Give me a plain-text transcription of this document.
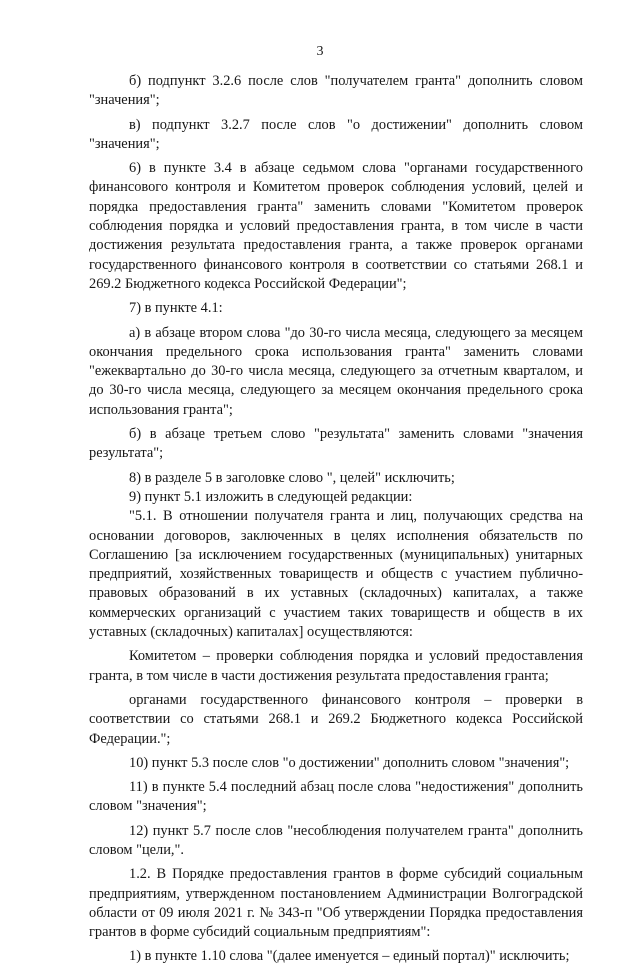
3

б) подпункт 3.2.6 после слов "получателем гранта" дополнить словом "значения";

в) подпункт 3.2.7 после слов "о достижении" дополнить словом "значения";

6) в пункте 3.4 в абзаце седьмом слова "органами государственного финансового контроля и Комитетом проверок соблюдения условий, целей и порядка предоставления гранта" заменить словами "Комитетом проверок соблюдения порядка и условий предоставления гранта, в том числе в части достижения результата предоставления гранта, а также проверок органами государственного финансового контроля в соответствии со статьями 268.1 и 269.2 Бюджетного кодекса Российской Федерации";

7) в пункте 4.1:

а) в абзаце втором слова "до 30-го числа месяца, следующего за месяцем окончания предельного срока использования гранта" заменить словами "ежеквартально до 30-го числа месяца, следующего за отчетным кварталом, и до 30-го числа месяца, следующего за месяцем окончания предельного срока использования гранта";

б) в абзаце третьем слово "результата" заменить словами "значения результата";

8) в разделе 5 в заголовке слово ", целей" исключить;

9) пункт 5.1 изложить в следующей редакции:

"5.1. В отношении получателя гранта и лиц, получающих средства на основании договоров, заключенных в целях исполнения обязательств по Соглашению [за исключением государственных (муниципальных) унитарных предприятий, хозяйственных товариществ и обществ с участием публично-правовых образований в их уставных (складочных) капиталах, а также коммерческих организаций с участием таких товариществ и обществ в их уставных (складочных) капиталах] осуществляются:

Комитетом – проверки соблюдения порядка и условий предоставления гранта, в том числе в части достижения результата предоставления гранта;

органами государственного финансового контроля – проверки в соответствии со статьями 268.1 и 269.2 Бюджетного кодекса Российской Федерации.";

10) пункт 5.3 после слов "о достижении" дополнить словом "значения";

11) в пункте 5.4 последний абзац после слова "недостижения" дополнить словом "значения";

12) пункт 5.7 после слов "несоблюдения получателем гранта" дополнить словом "цели,".

1.2. В Порядке предоставления грантов в форме субсидий социальным предприятиям, утвержденном постановлением Администрации Волгоградской области от 09 июля 2021 г. № 343-п "Об утверждении Порядка предоставления грантов в форме субсидий социальным предприятиям":

1) в пункте 1.10 слова "(далее именуется – единый портал)" исключить;
